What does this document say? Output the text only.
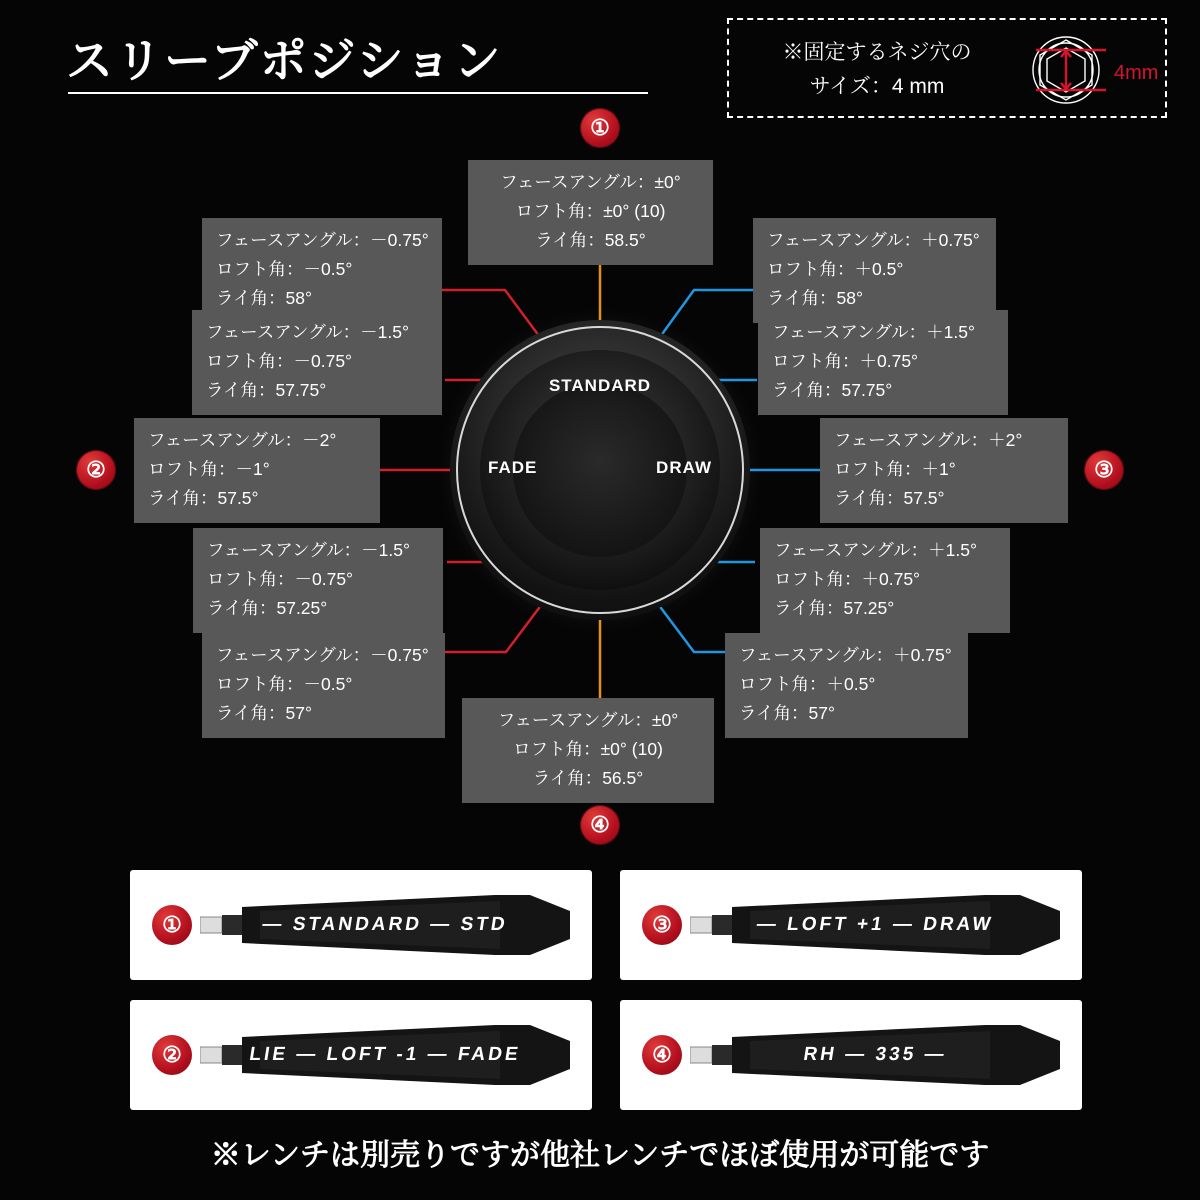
スリーブポジション	※固定するネジ穴の
サイズ：4 mm
4mm
STANDARD
FADE	DRAW
フェースアングル：±0°
ロフト角：±0° (10)
ライ角：58.5°
フェースアングル：－0.75°
ロフト角：－0.5°
ライ角：58°
フェースアングル：－1.5°
ロフト角：－0.75°
ライ角：57.75°
フェースアングル：－2°
ロフト角：－1°
ライ角：57.5°
フェースアングル：－1.5°
ロフト角：－0.75°
ライ角：57.25°
フェースアングル：－0.75°
ロフト角：－0.5°
ライ角：57°	フェースアングル：±0°
ロフト角：±0° (10)
ライ角：56.5°
フェースアングル：＋0.75°
ロフト角：＋0.5°
ライ角：58°
フェースアングル：＋1.5°
ロフト角：＋0.75°
ライ角：57.75°
フェースアングル：＋2°
ロフト角：＋1°
ライ角：57.5°
フェースアングル：＋1.5°
ロフト角：＋0.75°
ライ角：57.25°
フェースアングル：＋0.75°
ロフト角：＋0.5°
ライ角：57°
①
②	③
④
①	— STANDARD — STD	③	— LOFT +1 — DRAW
②	LIE — LOFT -1 — FADE	④	RH — 335 —
※レンチは別売りですが他社レンチでほぼ使用が可能です
